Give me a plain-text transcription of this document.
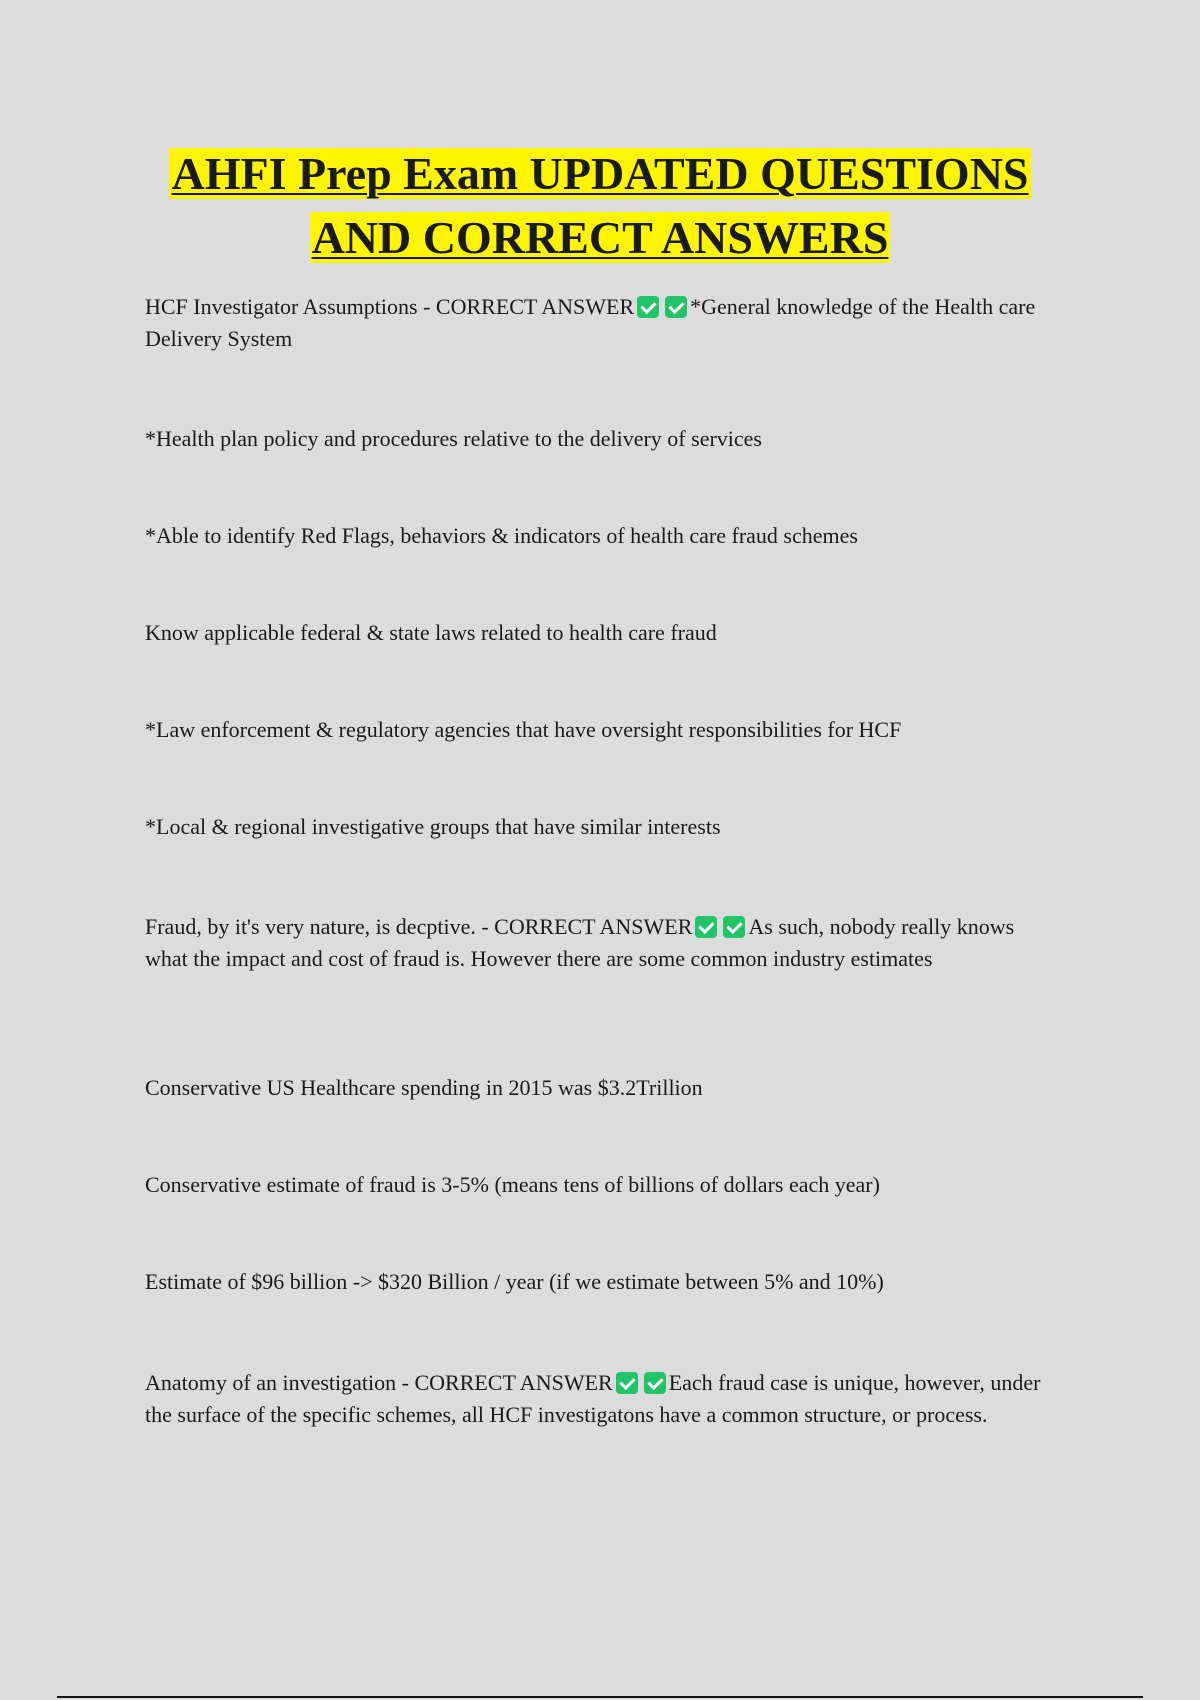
AHFI Prep Exam UPDATED QUESTIONS
AND CORRECT ANSWERS

HCF Investigator Assumptions - CORRECT ANSWER	*General knowledge of the Health care Delivery System

*Health plan policy and procedures relative to the delivery of services

*Able to identify Red Flags, behaviors & indicators of health care fraud schemes

Know applicable federal & state laws related to health care fraud

*Law enforcement & regulatory agencies that have oversight responsibilities for HCF

*Local & regional investigative groups that have similar interests

Fraud, by it's very nature, is decptive. - CORRECT ANSWER	As such, nobody really knows what the impact and cost of fraud is. However there are some common industry estimates

Conservative US Healthcare spending in 2015 was $3.2Trillion

Conservative estimate of fraud is 3-5% (means tens of billions of dollars each year)

Estimate of $96 billion -> $320 Billion / year (if we estimate between 5% and 10%)

Anatomy of an investigation - CORRECT ANSWER	Each fraud case is unique, however, under the surface of the specific schemes, all HCF investigatons have a common structure, or process.
